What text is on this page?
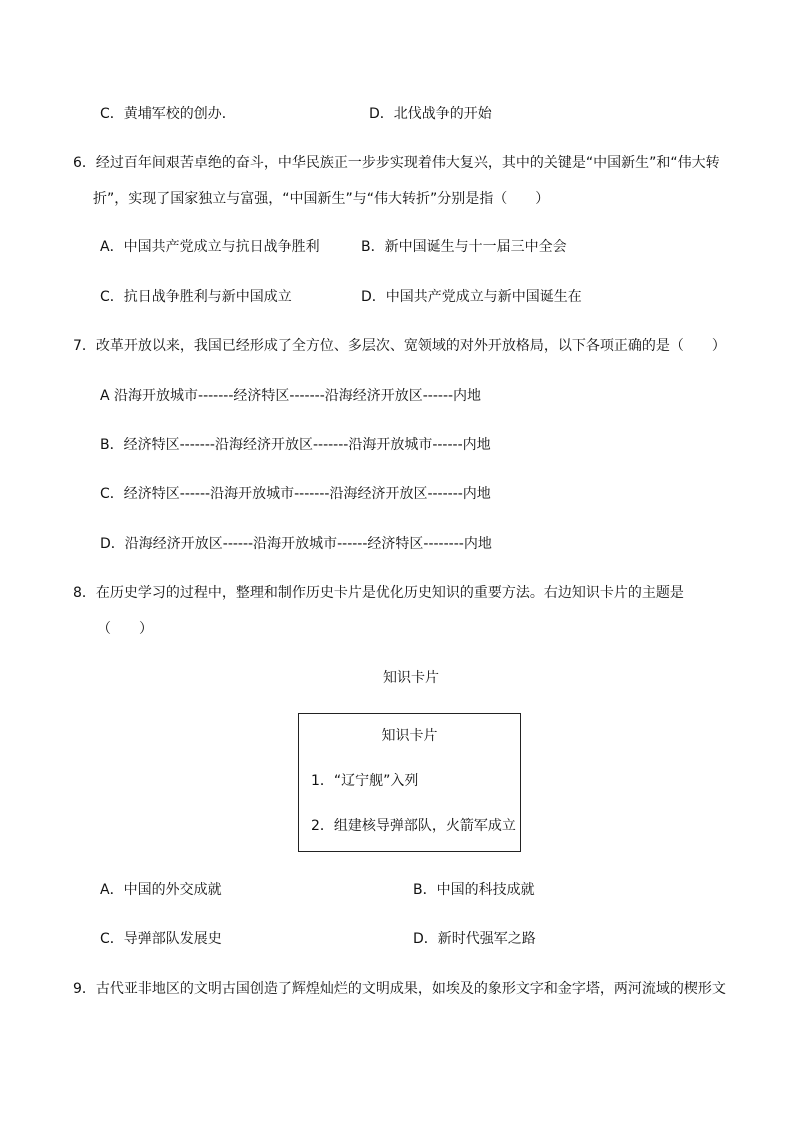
C．黄埔军校的创办．	D．北伐战争的开始
6．经过百年间艰苦卓绝的奋斗，中华民族正一步步实现着伟大复兴，其中的关键是“中国新生”和“伟大转
折”，实现了国家独立与富强，“中国新生”与“伟大转折”分别是指（　　）
A．中国共产党成立与抗日战争胜利	B．新中国诞生与十一届三中全会
C．抗日战争胜利与新中国成立	D．中国共产党成立与新中国诞生在
7．改革开放以来，我国已经形成了全方位、多层次、宽领域的对外开放格局，以下各项正确的是（　　）
A 沿海开放城市-------经济特区-------沿海经济开放区------内地
B．经济特区-------沿海经济开放区-------沿海开放城市------内地
C．经济特区------沿海开放城市-------沿海经济开放区-------内地
D．沿海经济开放区------沿海开放城市------经济特区--------内地
8．在历史学习的过程中，整理和制作历史卡片是优化历史知识的重要方法。右边知识卡片的主题是
（　　）
知识卡片
知识卡片
1．“辽宁舰”入列
2．组建核导弹部队，火箭军成立
A．中国的外交成就	B．中国的科技成就
C．导弹部队发展史	D．新时代强军之路
9．古代亚非地区的文明古国创造了辉煌灿烂的文明成果，如埃及的象形文字和金字塔，两河流域的楔形文
